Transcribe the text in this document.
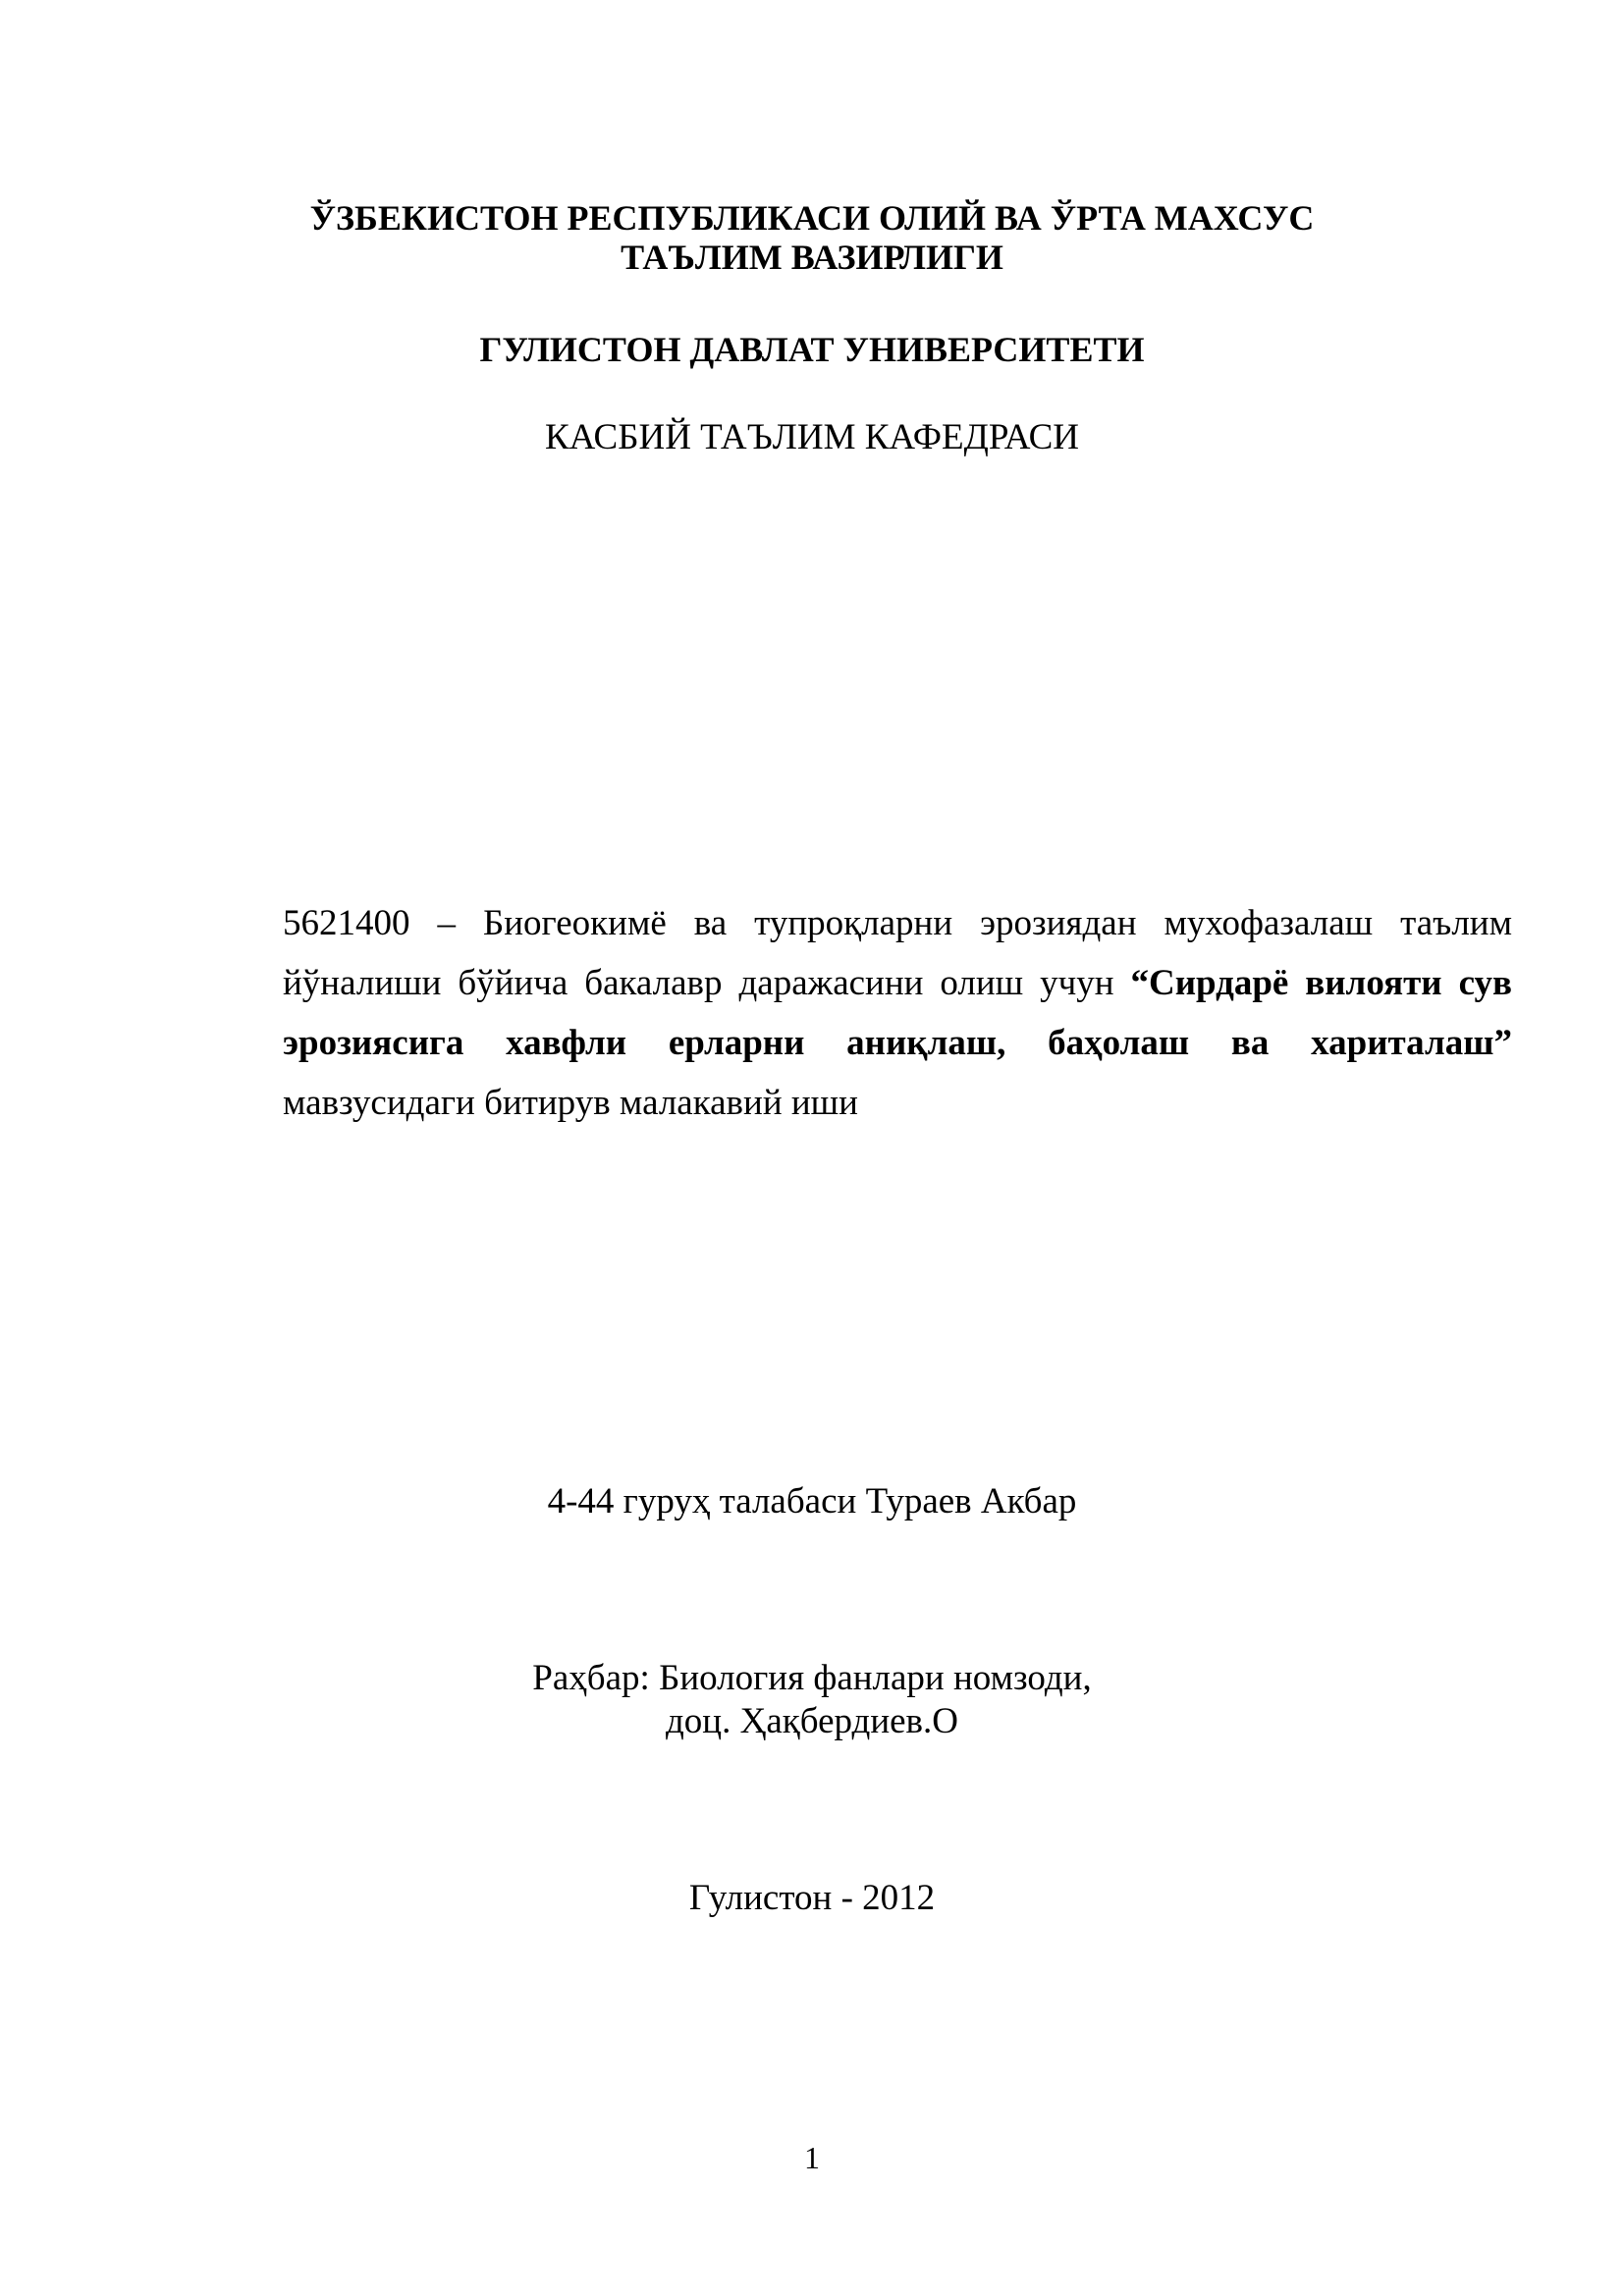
ЎЗБЕКИСТОН РЕСПУБЛИКАСИ ОЛИЙ ВА ЎРТА МАХСУС
ТАЪЛИМ ВАЗИРЛИГИ
ГУЛИСТОН ДАВЛАТ УНИВЕРСИТЕТИ
КАСБИЙ ТАЪЛИМ КАФЕДРАСИ
5621400 – Биогеокимё ва тупроқларни эрозиядан мухофазалаш таълим йўналиши бўйича бакалавр даражасини олиш учун “Сирдарё вилояти сув эрозиясига хавфли ерларни аниқлаш, баҳолаш ва хариталаш” мавзусидаги битирув малакавий иши
4-44 гуруҳ талабаси Тураев Акбар
Раҳбар: Биология фанлари номзоди,
доц. Ҳақбердиев.О
Гулистон - 2012
1
